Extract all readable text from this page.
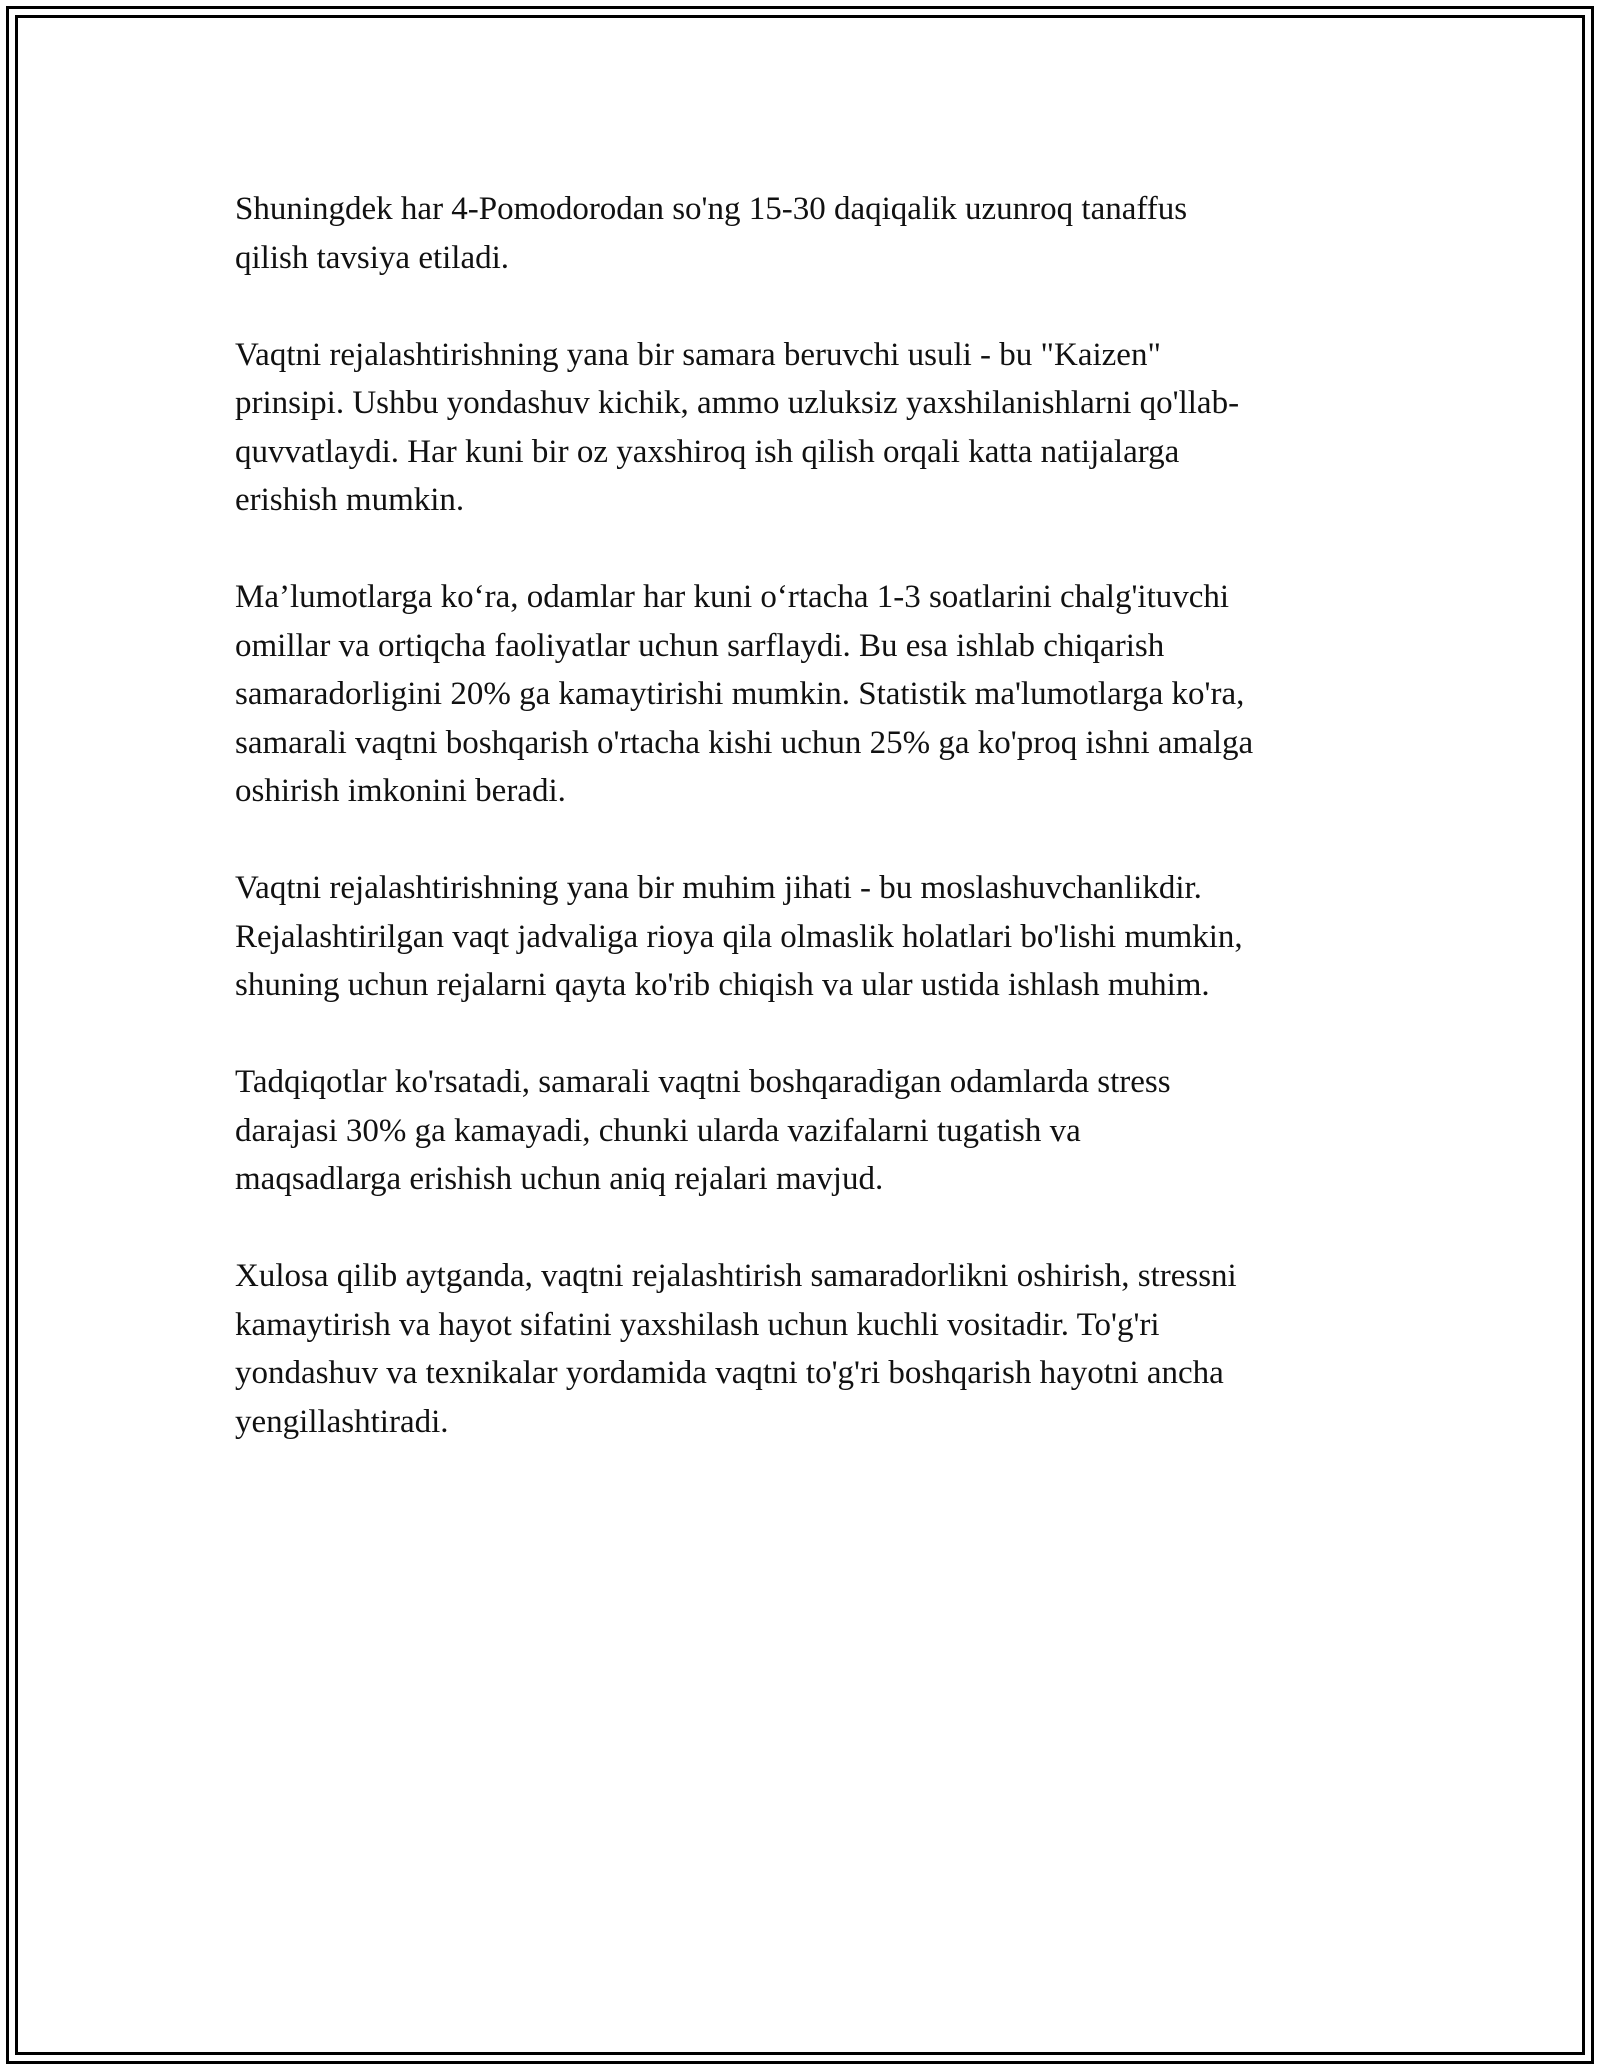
Shuningdek har 4-Pomodorodan so'ng 15-30 daqiqalik uzunroq tanaffus
qilish tavsiya etiladi.

Vaqtni rejalashtirishning yana bir samara beruvchi usuli - bu "Kaizen"
prinsipi. Ushbu yondashuv kichik, ammo uzluksiz yaxshilanishlarni qo'llab-
quvvatlaydi. Har kuni bir oz yaxshiroq ish qilish orqali katta natijalarga
erishish mumkin.

Ma’lumotlarga ko‘ra, odamlar har kuni o‘rtacha 1-3 soatlarini chalg'ituvchi
omillar va ortiqcha faoliyatlar uchun sarflaydi. Bu esa ishlab chiqarish
samaradorligini 20% ga kamaytirishi mumkin. Statistik ma'lumotlarga ko'ra,
samarali vaqtni boshqarish o'rtacha kishi uchun 25% ga ko'proq ishni amalga
oshirish imkonini beradi.

Vaqtni rejalashtirishning yana bir muhim jihati - bu moslashuvchanlikdir.
Rejalashtirilgan vaqt jadvaliga rioya qila olmaslik holatlari bo'lishi mumkin,
shuning uchun rejalarni qayta ko'rib chiqish va ular ustida ishlash muhim.

Tadqiqotlar ko'rsatadi, samarali vaqtni boshqaradigan odamlarda stress
darajasi 30% ga kamayadi, chunki ularda vazifalarni tugatish va
maqsadlarga erishish uchun aniq rejalari mavjud.

Xulosa qilib aytganda, vaqtni rejalashtirish samaradorlikni oshirish, stressni
kamaytirish va hayot sifatini yaxshilash uchun kuchli vositadir. To'g'ri
yondashuv va texnikalar yordamida vaqtni to'g'ri boshqarish hayotni ancha
yengillashtiradi.
